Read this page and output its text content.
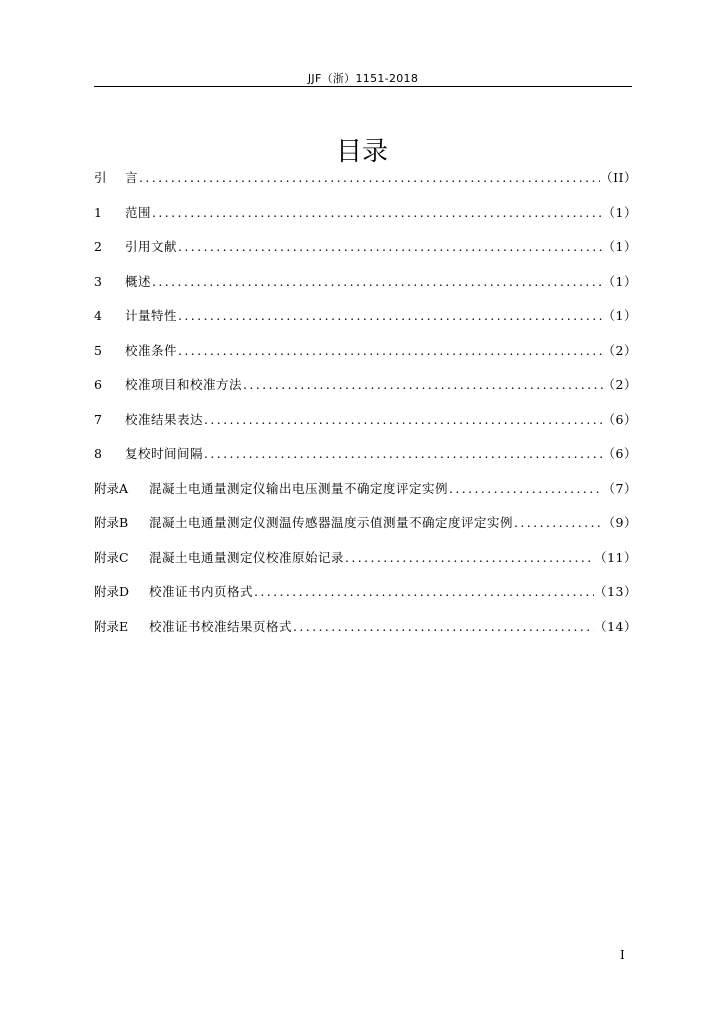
JJF（浙）1151-2018
目录
引	言 .....	（II）
1	范围 .....	（1）
2	引用文献 .....	（1）
3	概述 .....	（1）
4	计量特性 .....	（1）
5	校准条件 .....	（2）
6	校准项目和校准方法 .....	（2）
7	校准结果表达 .....	（6）
8	复校时间间隔 .....	（6）
附录A	混凝土电通量测定仪输出电压测量不确定度评定实例 .....	（7）
附录B	混凝土电通量测定仪测温传感器温度示值测量不确定度评定实例 .....	（9）
附录C	混凝土电通量测定仪校准原始记录 .....	（11）
附录D	校准证书内页格式 .....	（13）
附录E	校准证书校准结果页格式 .....	（14）
I
